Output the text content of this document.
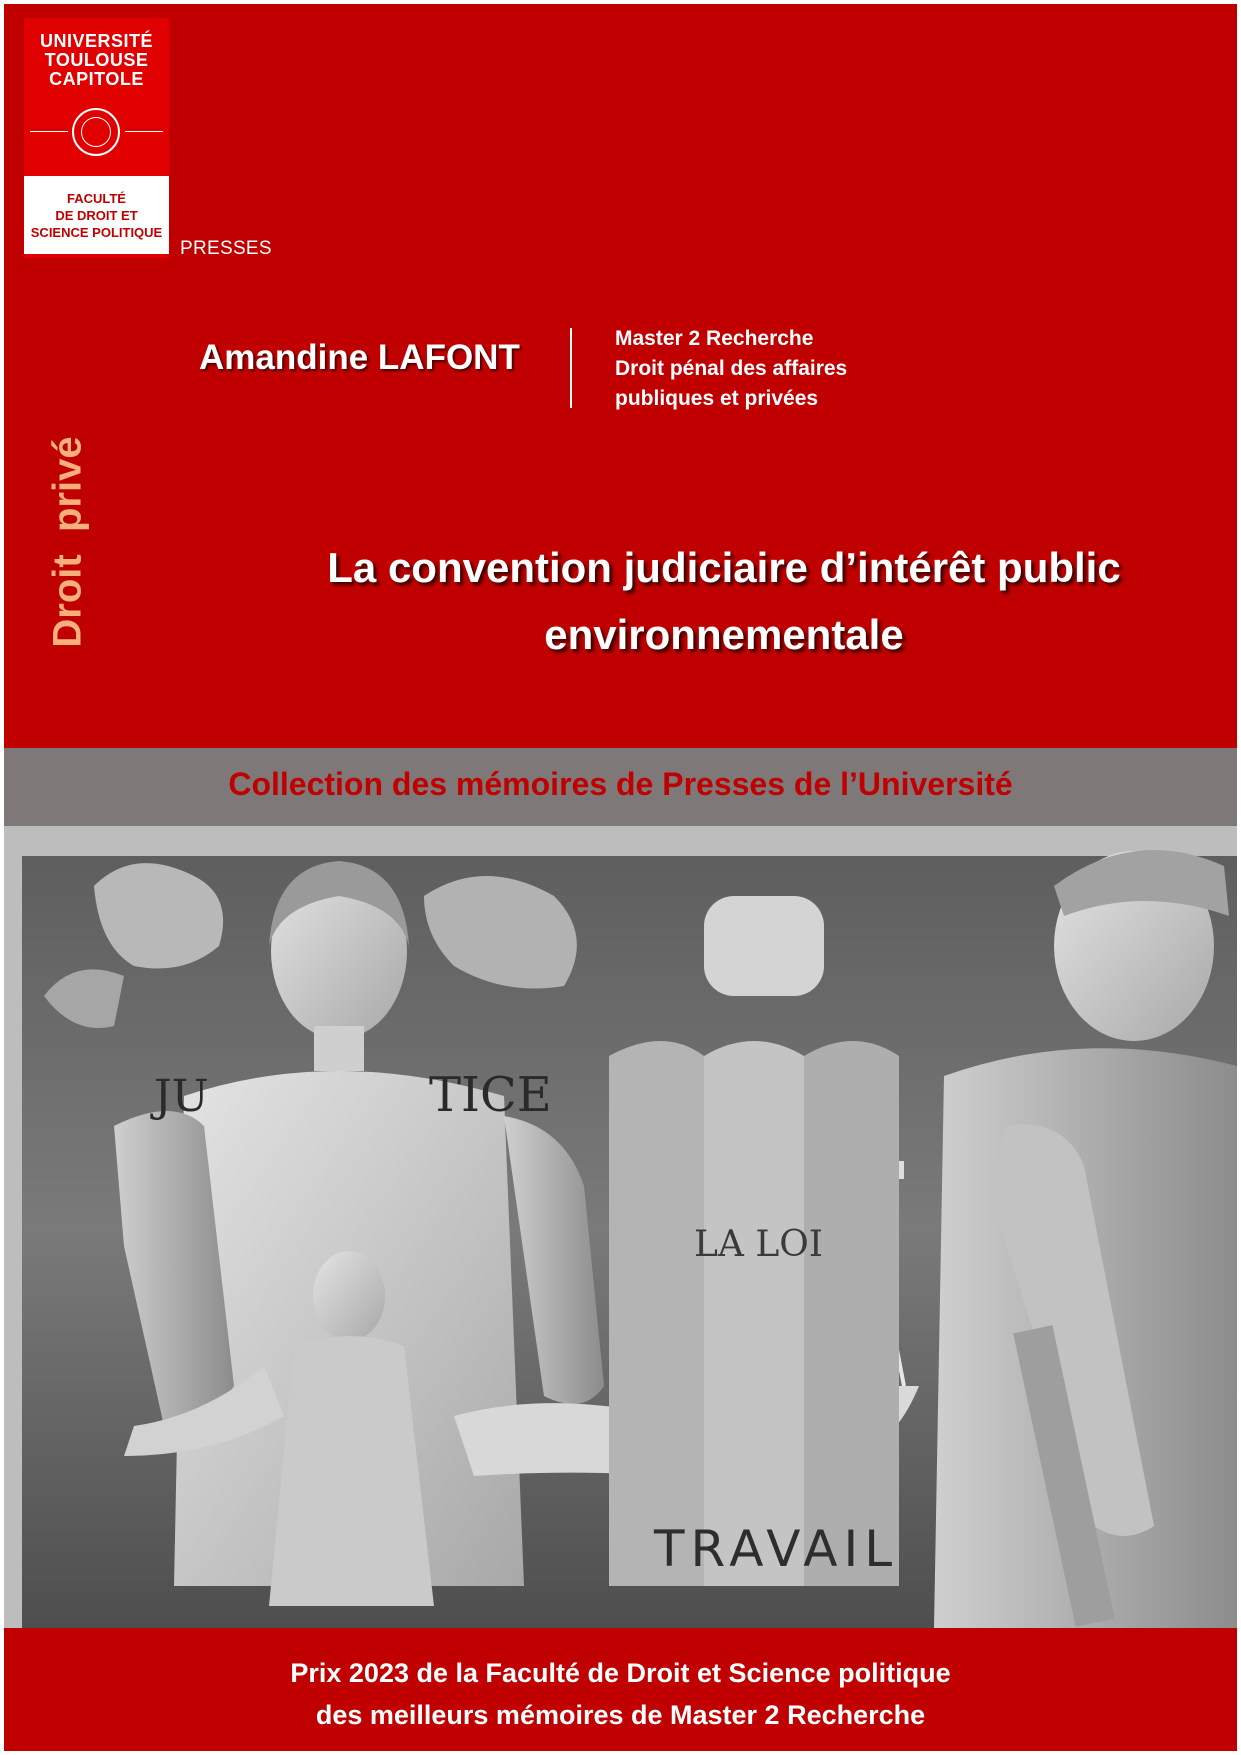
UNIVERSITÉ
TOULOUSE
CAPITOLE
FACULTÉ
DE DROIT ET
SCIENCE POLITIQUE
PRESSES
Amandine LAFONT	Master 2 Recherche
Droit pénal des affaires
publiques et privées
Droit  privé	La convention judiciaire d’intérêt public
environnementale
Collection des mémoires de Presses de l’Université
JU	TICE
LA LOI
TRAVAIL
Prix 2023 de la Faculté de Droit et Science politique
des meilleurs mémoires de Master 2 Recherche
